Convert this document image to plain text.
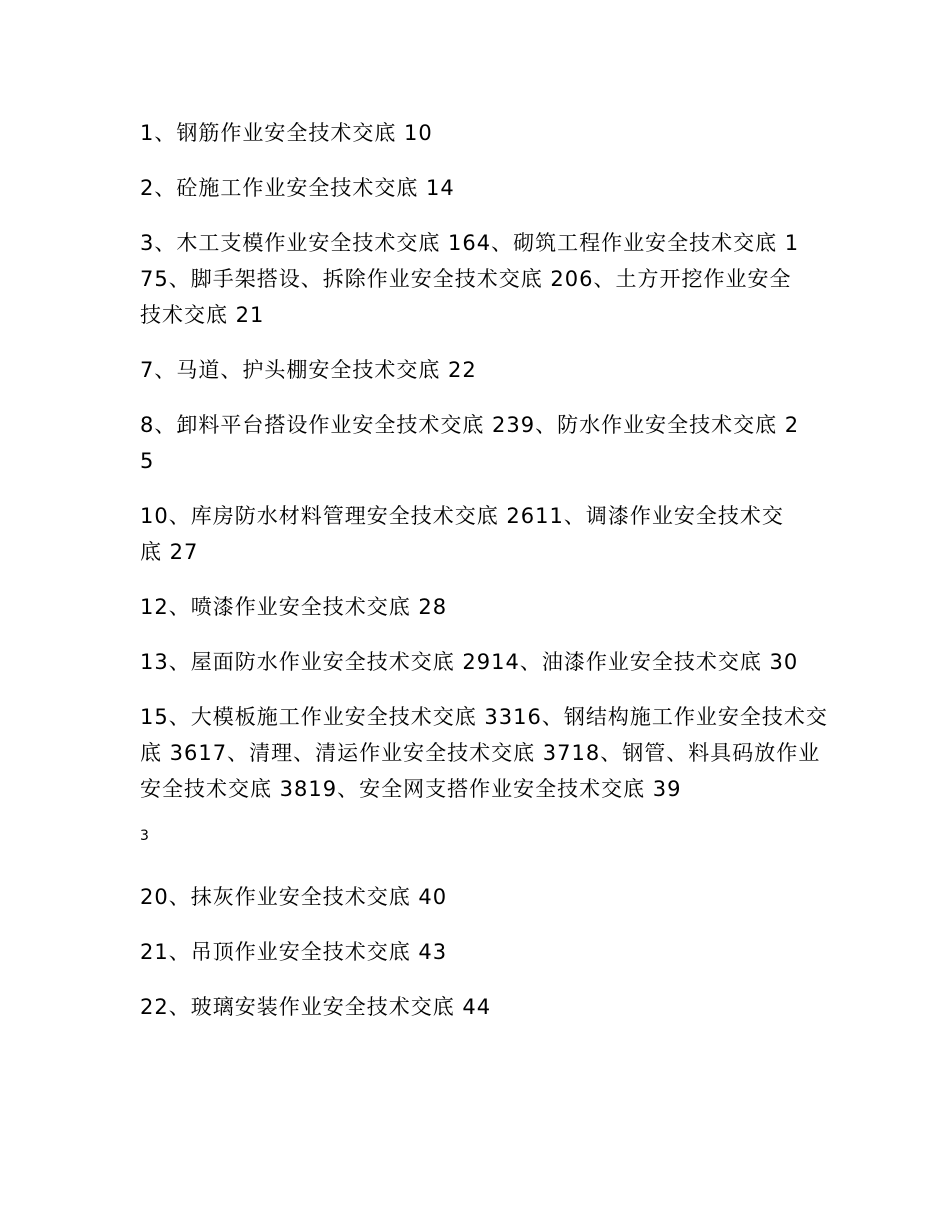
1、钢筋作业安全技术交底 10
2、砼施工作业安全技术交底 14
3、木工支模作业安全技术交底 164、砌筑工程作业安全技术交底 175、脚手架搭设、拆除作业安全技术交底 206、土方开挖作业安全技术交底 21
7、马道、护头棚安全技术交底 22
8、卸料平台搭设作业安全技术交底 239、防水作业安全技术交底 25
10、库房防水材料管理安全技术交底 2611、调漆作业安全技术交底 27
12、喷漆作业安全技术交底 28
13、屋面防水作业安全技术交底 2914、油漆作业安全技术交底 30
15、大模板施工作业安全技术交底 3316、钢结构施工作业安全技术交底 3617、清理、清运作业安全技术交底 3718、钢管、料具码放作业安全技术交底 3819、安全网支搭作业安全技术交底 39
3
20、抹灰作业安全技术交底 40
21、吊顶作业安全技术交底 43
22、玻璃安装作业安全技术交底 44
